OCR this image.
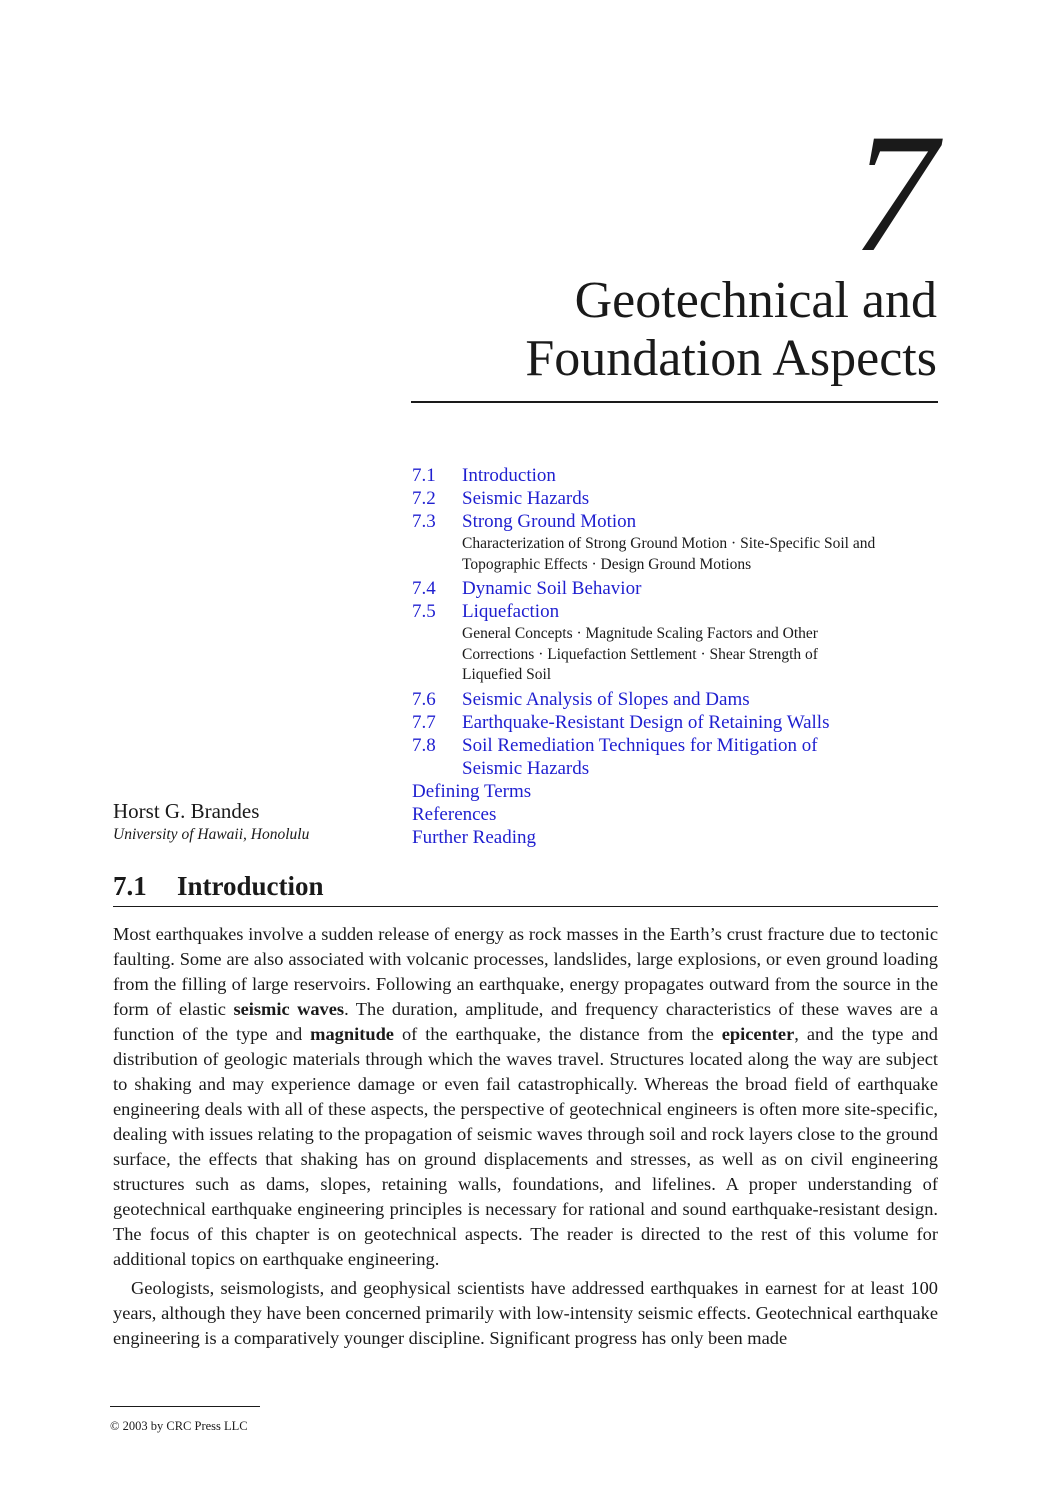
7
Geotechnical and
Foundation Aspects
7.1	Introduction
7.2	Seismic Hazards
7.3	Strong Ground Motion
Characterization of Strong Ground Motion · Site-Specific Soil and Topographic Effects · Design Ground Motions
7.4	Dynamic Soil Behavior
7.5	Liquefaction
General Concepts · Magnitude Scaling Factors and Other Corrections · Liquefaction Settlement · Shear Strength of Liquefied Soil
7.6	Seismic Analysis of Slopes and Dams
7.7	Earthquake-Resistant Design of Retaining Walls
7.8	Soil Remediation Techniques for Mitigation of Seismic Hazards
Defining Terms
References
Further Reading
Horst G. Brandes
University of Hawaii, Honolulu
7.1 Introduction

Most earthquakes involve a sudden release of energy as rock masses in the Earth’s crust fracture due to tectonic faulting. Some are also associated with volcanic processes, landslides, large explosions, or even ground loading from the filling of large reservoirs. Following an earthquake, energy propagates outward from the source in the form of elastic seismic waves. The duration, amplitude, and frequency characteristics of these waves are a function of the type and magnitude of the earthquake, the distance from the epicenter, and the type and distribution of geologic materials through which the waves travel. Structures located along the way are subject to shaking and may experience damage or even fail catastrophically. Whereas the broad field of earthquake engineering deals with all of these aspects, the perspective of geotechnical engineers is often more site-specific, dealing with issues relating to the propagation of seismic waves through soil and rock layers close to the ground surface, the effects that shaking has on ground displacements and stresses, as well as on civil engineering structures such as dams, slopes, retaining walls, foundations, and lifelines. A proper understanding of geotechnical earthquake engineering principles is necessary for rational and sound earthquake-resistant design. The focus of this chapter is on geotechnical aspects. The reader is directed to the rest of this volume for additional topics on earthquake engineering.

Geologists, seismologists, and geophysical scientists have addressed earthquakes in earnest for at least 100 years, although they have been concerned primarily with low-intensity seismic effects. Geotechnical earthquake engineering is a comparatively younger discipline. Significant progress has only been made

© 2003 by CRC Press LLC
